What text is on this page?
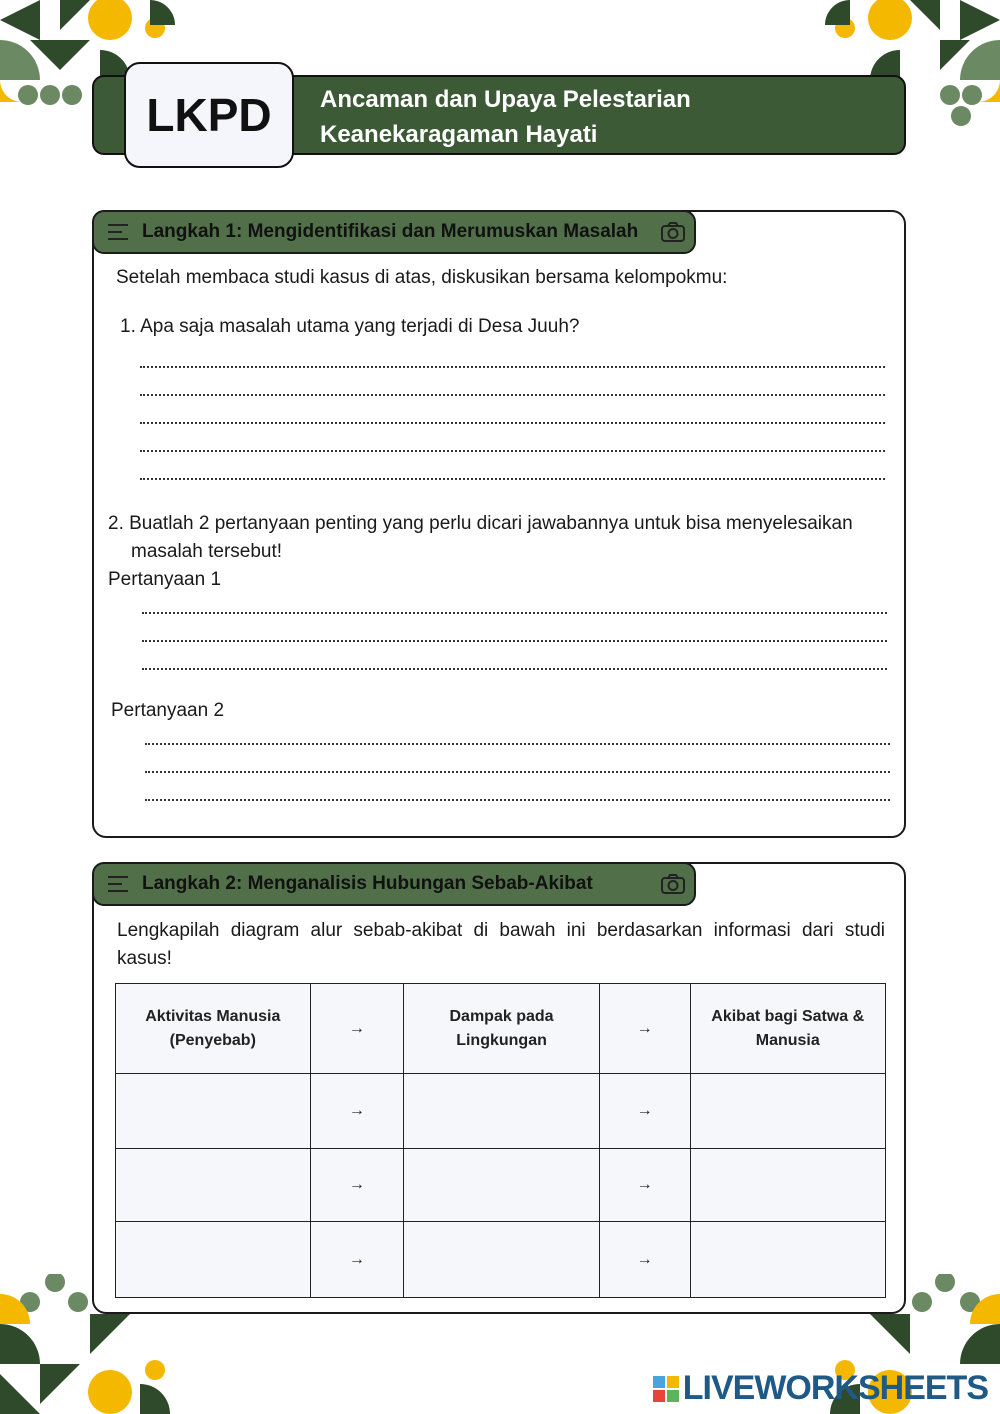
Ancaman dan Upaya Pelestarian
Keanekaragaman Hayati
LKPD
Langkah 1: Mengidentifikasi dan Merumuskan Masalah
Setelah membaca studi kasus di atas, diskusikan bersama kelompokmu:
1. Apa saja masalah utama yang terjadi di Desa Juuh?
2. Buatlah 2 pertanyaan penting yang perlu dicari jawabannya untuk bisa menyelesaikan
masalah tersebut!
Pertanyaan 1
Pertanyaan 2
Langkah 2: Menganalisis Hubungan Sebab-Akibat
Lengkapilah diagram alur sebab-akibat di bawah ini berdasarkan informasi dari studi
kasus!
Aktivitas Manusia (Penyebab)	→	Dampak pada Lingkungan	→	Akibat bagi Satwa & Manusia
	→		→	
	→		→	
	→		→	
LIVEWORKSHEETS
